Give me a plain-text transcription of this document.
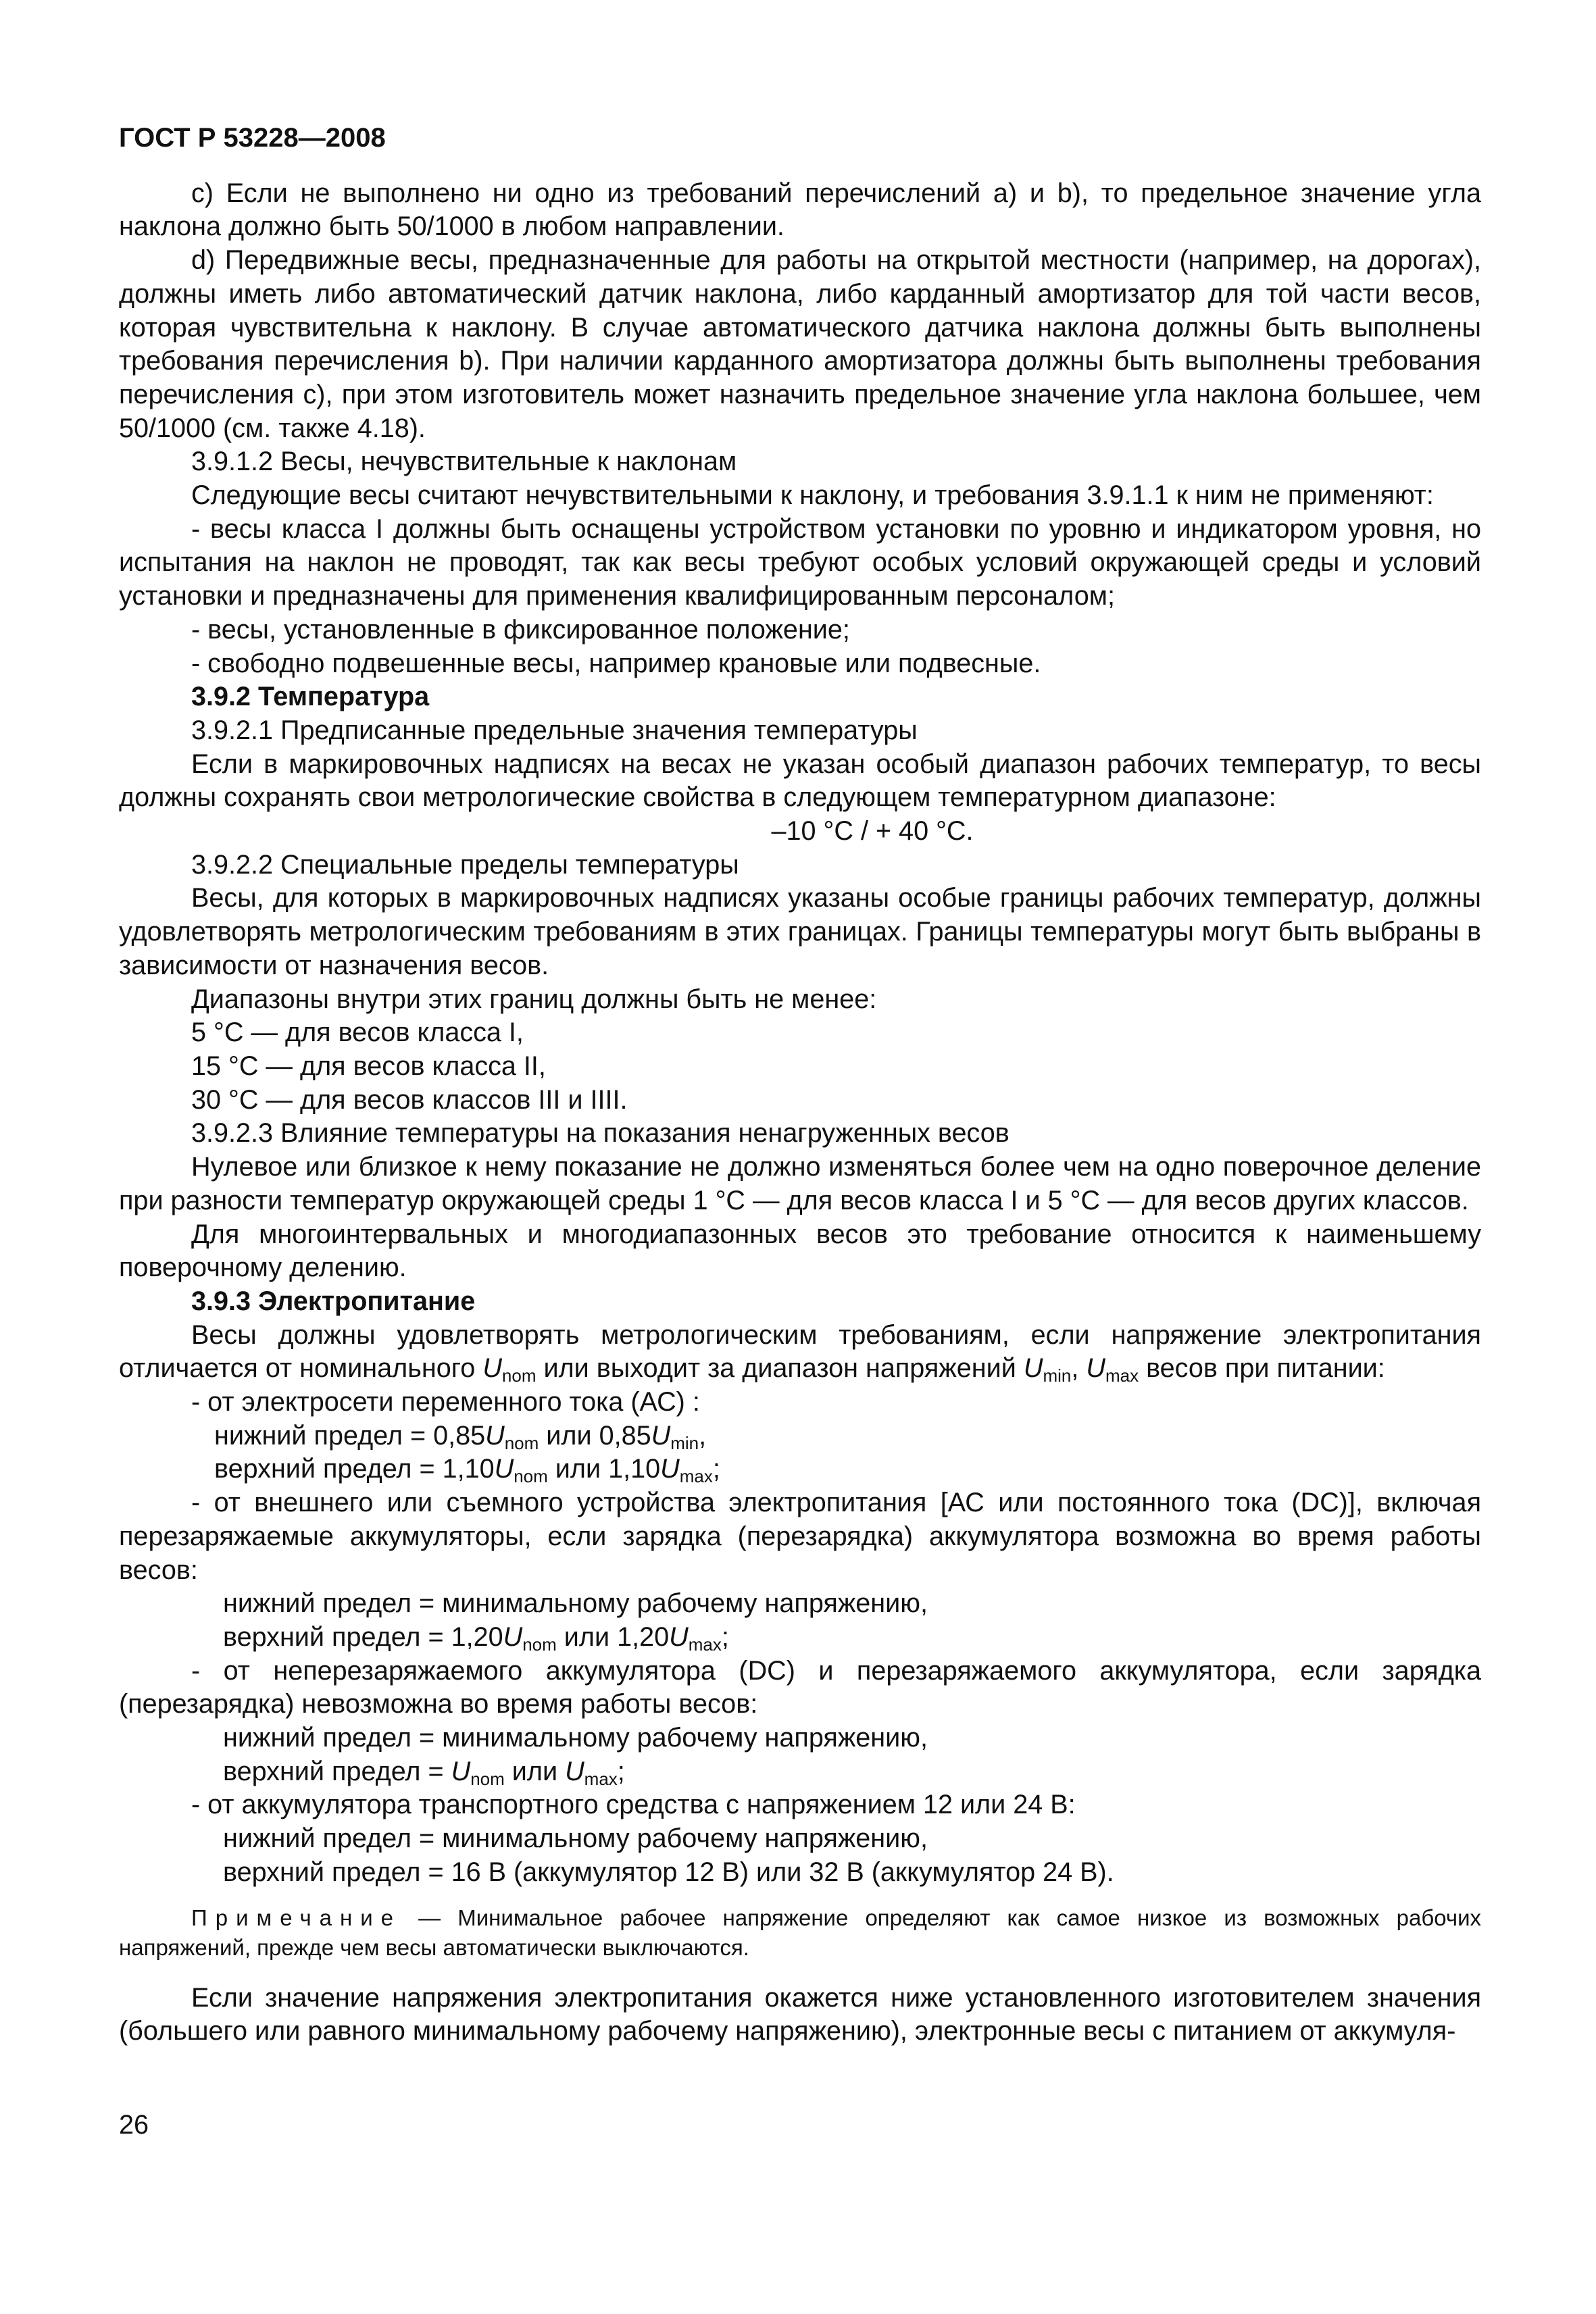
ГОСТ Р 53228—2008

с) Если не выполнено ни одно из требований перечислений а) и b), то предельное значение угла наклона должно быть 50/1000 в любом направлении.

d) Передвижные весы, предназначенные для работы на открытой местности (например, на дорогах), должны иметь либо автоматический датчик наклона, либо карданный амортизатор для той части весов, которая чувствительна к наклону. В случае автоматического датчика наклона должны быть выполнены требования перечисления b). При наличии карданного амортизатора должны быть выполнены требования перечисления с), при этом изготовитель может назначить предельное значение угла наклона большее, чем 50/1000 (см. также 4.18).

3.9.1.2 Весы, нечувствительные к наклонам

Следующие весы считают нечувствительными к наклону, и требования 3.9.1.1 к ним не применяют:

- весы класса I должны быть оснащены устройством установки по уровню и индикатором уровня, но испытания на наклон не проводят, так как весы требуют особых условий окружающей среды и условий установки и предназначены для применения квалифицированным персоналом;

- весы, установленные в фиксированное положение;

- свободно подвешенные весы, например крановые или подвесные.

3.9.2 Температура

3.9.2.1 Предписанные предельные значения температуры

Если в маркировочных надписях на весах не указан особый диапазон рабочих температур, то весы должны сохранять свои метрологические свойства в следующем температурном диапазоне:

–10 °С / + 40 °С.

3.9.2.2 Специальные пределы температуры

Весы, для которых в маркировочных надписях указаны особые границы рабочих температур, должны удовлетворять метрологическим требованиям в этих границах. Границы температуры могут быть выбраны в зависимости от назначения весов.

Диапазоны внутри этих границ должны быть не менее:

5 °С — для весов класса I,

15 °С — для весов класса II,

30 °С — для весов классов III и IIII.

3.9.2.3 Влияние температуры на показания ненагруженных весов

Нулевое или близкое к нему показание не должно изменяться более чем на одно поверочное деление при разности температур окружающей среды 1 °С — для весов класса I и 5 °С — для весов других классов.

Для многоинтервальных и многодиапазонных весов это требование относится к наименьшему поверочному делению.

3.9.3 Электропитание

Весы должны удовлетворять метрологическим требованиям, если напряжение электропитания отличается от номинального $U_{nom}$ или выходит за диапазон напряжений $U_{min}$, $U_{max}$ весов при питании:

- от электросети переменного тока (АС) :

нижний предел = $0,85U_{nom}$ или $0,85U_{min}$,

верхний предел = $1,10U_{nom}$ или $1,10U_{max}$;

- от внешнего или съемного устройства электропитания [АС или постоянного тока (DC)], включая перезаряжаемые аккумуляторы, если зарядка (перезарядка) аккумулятора возможна во время работы весов:

нижний предел = минимальному рабочему напряжению,

верхний предел = $1,20U_{nom}$ или $1,20U_{max}$;

- от неперезаряжаемого аккумулятора (DC) и перезаряжаемого аккумулятора, если зарядка (перезарядка) невозможна во время работы весов:

нижний предел = минимальному рабочему напряжению,

верхний предел = $U_{nom}$ или $U_{max}$;

- от аккумулятора транспортного средства с напряжением 12 или 24 В:

нижний предел = минимальному рабочему напряжению,

верхний предел = 16 В (аккумулятор 12 В) или 32 В (аккумулятор 24 В).

Примечание — Минимальное рабочее напряжение определяют как самое низкое из возможных рабочих напряжений, прежде чем весы автоматически выключаются.

Если значение напряжения электропитания окажется ниже установленного изготовителем значения (большего или равного минимальному рабочему напряжению), электронные весы с питанием от аккумуля-

26
